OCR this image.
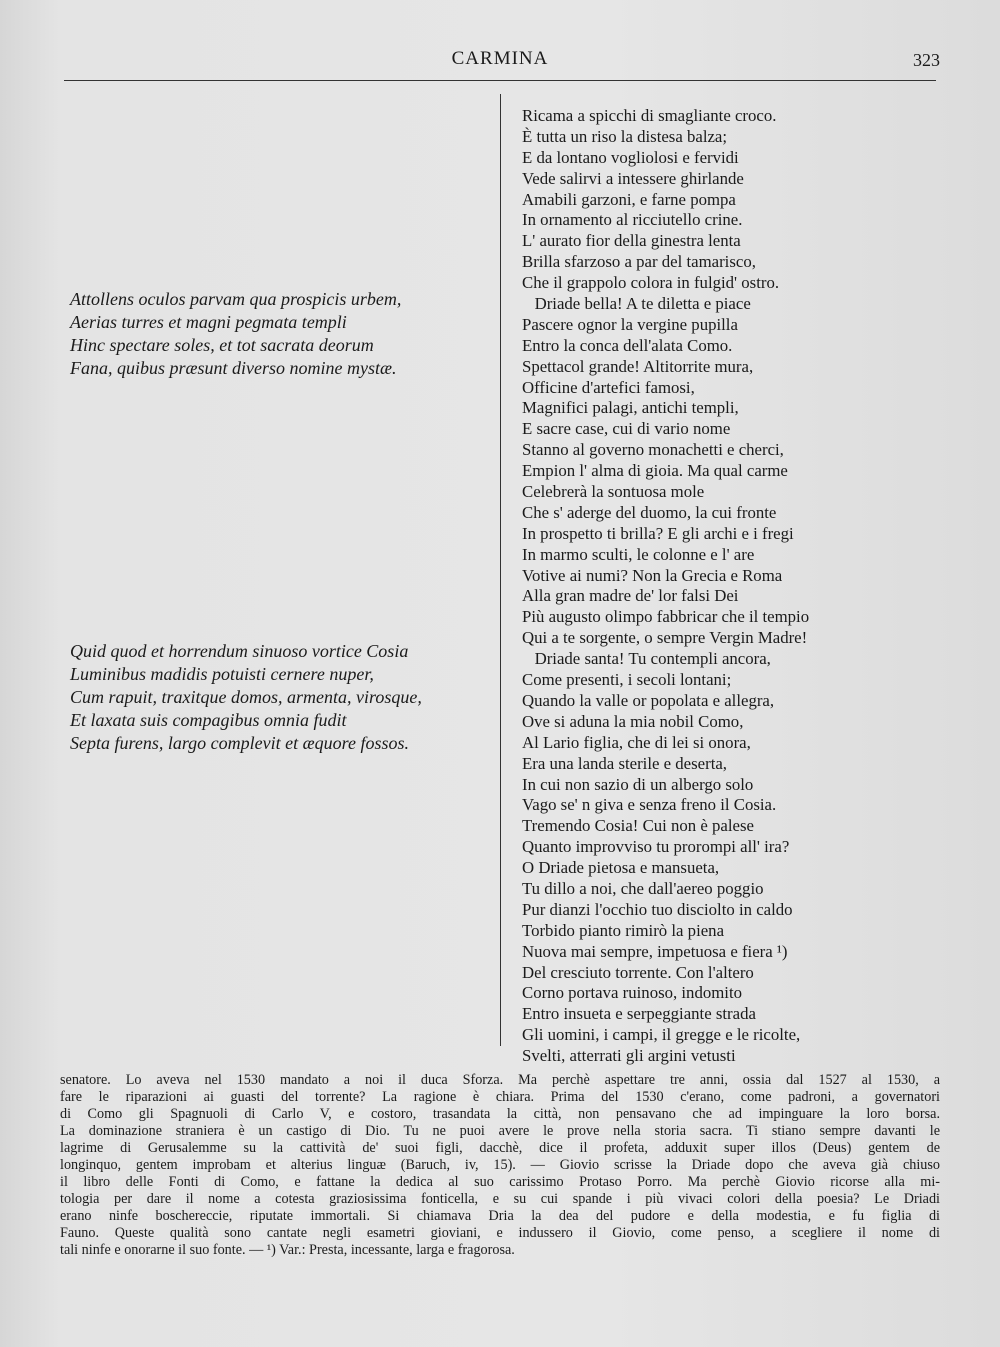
CARMINA	323
Attollens oculos parvam qua prospicis urbem,
Aerias turres et magni pegmata templi
Hinc spectare soles, et tot sacrata deorum
Fana, quibus præsunt diverso nomine mystæ.
Quid quod et horrendum sinuoso vortice Cosia
Luminibus madidis potuisti cernere nuper,
Cum rapuit, traxitque domos, armenta, virosque,
Et laxata suis compagibus omnia fudit
Septa furens, largo complevit et æquore fossos.
Ricama a spicchi di smagliante croco.
È tutta un riso la distesa balza;
E da lontano vogliolosi e fervidi
Vede salirvi a intessere ghirlande
Amabili garzoni, e farne pompa
In ornamento al ricciutello crine.
L' aurato fior della ginestra lenta
Brilla sfarzoso a par del tamarisco,
Che il grappolo colora in fulgid' ostro.
Driade bella! A te diletta e piace
Pascere ognor la vergine pupilla
Entro la conca dell'alata Como.
Spettacol grande! Altitorrite mura,
Officine d'artefici famosi,
Magnifici palagi, antichi templi,
E sacre case, cui di vario nome
Stanno al governo monachetti e cherci,
Empion l' alma di gioia. Ma qual carme
Celebrerà la sontuosa mole
Che s' aderge del duomo, la cui fronte
In prospetto ti brilla? E gli archi e i fregi
In marmo sculti, le colonne e l' are
Votive ai numi? Non la Grecia e Roma
Alla gran madre de' lor falsi Dei
Più augusto olimpo fabbricar che il tempio
Qui a te sorgente, o sempre Vergin Madre!
Driade santa! Tu contempli ancora,
Come presenti, i secoli lontani;
Quando la valle or popolata e allegra,
Ove si aduna la mia nobil Como,
Al Lario figlia, che di lei si onora,
Era una landa sterile e deserta,
In cui non sazio di un albergo solo
Vago se' n giva e senza freno il Cosia.
Tremendo Cosia! Cui non è palese
Quanto improvviso tu prorompi all' ira?
O Driade pietosa e mansueta,
Tu dillo a noi, che dall'aereo poggio
Pur dianzi l'occhio tuo disciolto in caldo
Torbido pianto rimirò la piena
Nuova mai sempre, impetuosa e fiera ¹)
Del cresciuto torrente. Con l'altero
Corno portava ruinoso, indomito
Entro insueta e serpeggiante strada
Gli uomini, i campi, il gregge e le ricolte,
Svelti, atterrati gli argini vetusti
senatore. Lo aveva nel 1530 mandato a noi il duca Sforza. Ma perchè aspettare tre anni, ossia dal 1527 al 1530, a
fare le riparazioni ai guasti del torrente? La ragione è chiara. Prima del 1530 c'erano, come padroni, a governatori
di Como gli Spagnuoli di Carlo V, e costoro, trasandata la città, non pensavano che ad impinguare la loro borsa.
La dominazione straniera è un castigo di Dio. Tu ne puoi avere le prove nella storia sacra. Ti stiano sempre davanti le
lagrime di Gerusalemme su la cattività de' suoi figli, dacchè, dice il profeta, adduxit super illos (Deus) gentem de
longinquo, gentem improbam et alterius linguæ (Baruch, iv, 15). — Giovio scrisse la Driade dopo che aveva già chiuso
il libro delle Fonti di Como, e fattane la dedica al suo carissimo Protaso Porro. Ma perchè Giovio ricorse alla mi-
tologia per dare il nome a cotesta graziosissima fonticella, e su cui spande i più vivaci colori della poesia? Le Driadi
erano ninfe boschereccie, riputate immortali. Si chiamava Dria la dea del pudore e della modestia, e fu figlia di
Fauno. Queste qualità sono cantate negli esametri gioviani, e indussero il Giovio, come penso, a scegliere il nome di
tali ninfe e onorarne il suo fonte. — ¹) Var.: Presta, incessante, larga e fragorosa.
